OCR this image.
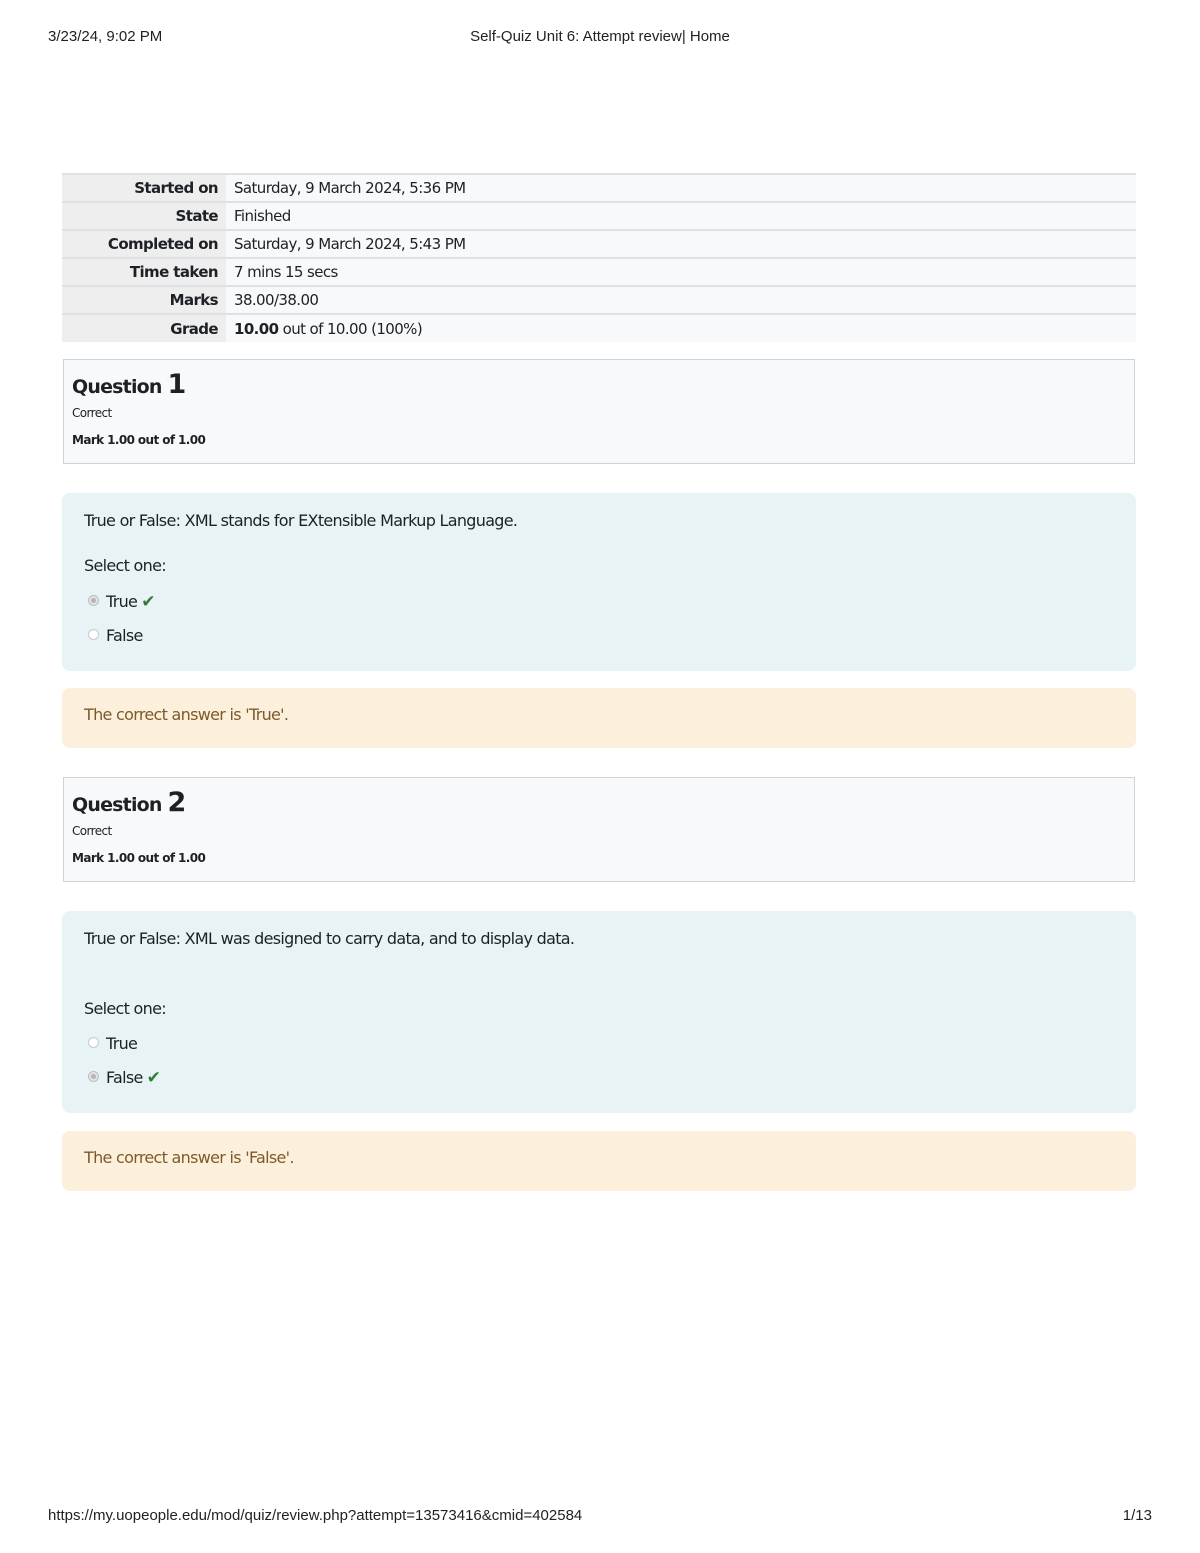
3/23/24, 9:02 PM	Self-Quiz Unit 6: Attempt review| Home
Started on	Saturday, 9 March 2024, 5:36 PM
State	Finished
Completed on	Saturday, 9 March 2024, 5:43 PM
Time taken	7 mins 15 secs
Marks	38.00/38.00
Grade	10.00 out of 10.00 (100%)
Question 1
Correct
Mark 1.00 out of 1.00
True or False: XML stands for EXtensible Markup Language.
Select one:
True ✔
False
The correct answer is 'True'.
Question 2
Correct
Mark 1.00 out of 1.00
True or False: XML was designed to carry data, and to display data.
Select one:
True
False ✔
The correct answer is 'False'.
https://my.uopeople.edu/mod/quiz/review.php?attempt=13573416&cmid=402584	1/13
